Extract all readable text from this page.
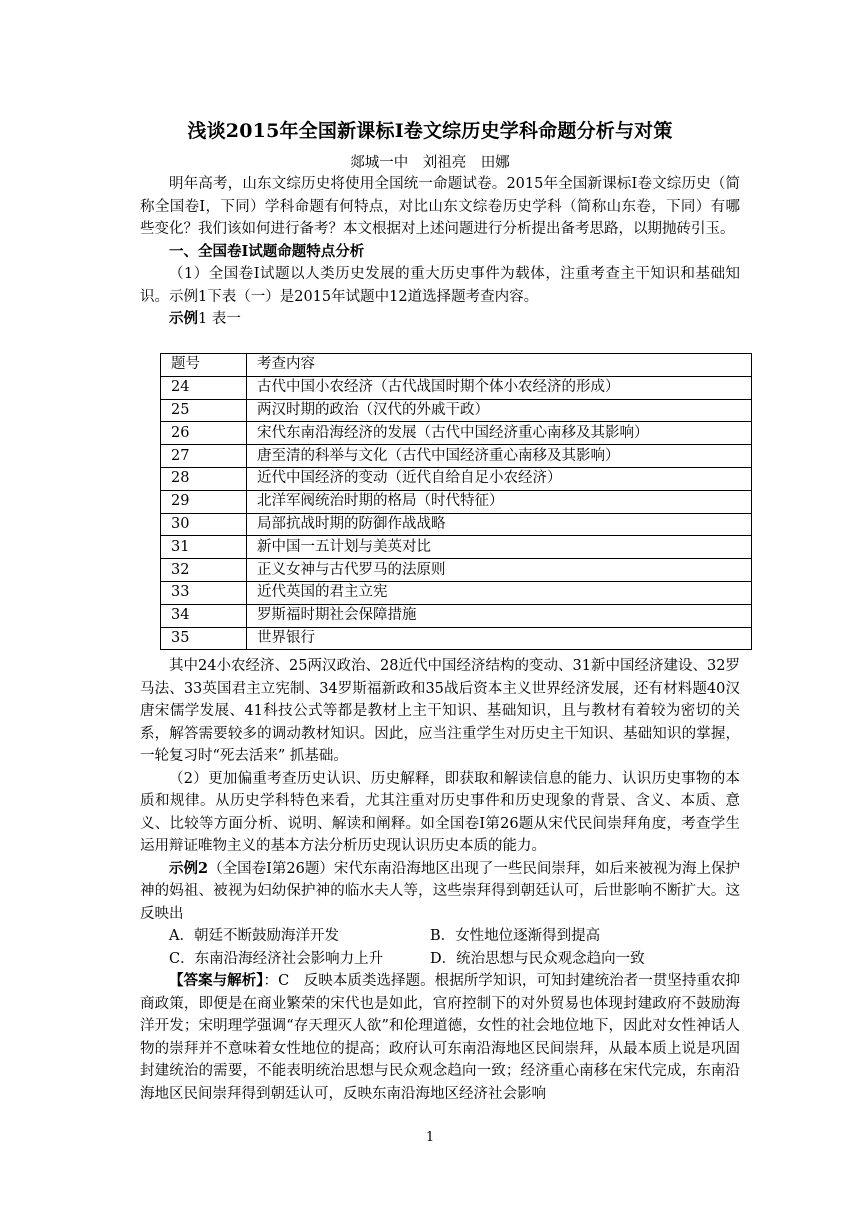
浅谈2015年全国新课标Ⅰ卷文综历史学科命题分析与对策
郯城一中　刘祖亮　田娜

明年高考，山东文综历史将使用全国统一命题试卷。2015年全国新课标Ⅰ卷文综历史（简称全国卷Ⅰ，下同）学科命题有何特点，对比山东文综卷历史学科（简称山东卷，下同）有哪些变化？我们该如何进行备考？本文根据对上述问题进行分析提出备考思路，以期抛砖引玉。

一、全国卷Ⅰ试题命题特点分析

（1）全国卷Ⅰ试题以人类历史发展的重大历史事件为载体，注重考查主干知识和基础知识。示例1下表（一）是2015年试题中12道选择题考查内容。

示例1 表一

题号	考查内容
24	古代中国小农经济（古代战国时期个体小农经济的形成）
25	两汉时期的政治（汉代的外戚干政）
26	宋代东南沿海经济的发展（古代中国经济重心南移及其影响）
27	唐至清的科举与文化（古代中国经济重心南移及其影响）
28	近代中国经济的变动（近代自给自足小农经济）
29	北洋军阀统治时期的格局（时代特征）
30	局部抗战时期的防御作战战略
31	新中国一五计划与美英对比
32	正义女神与古代罗马的法原则
33	近代英国的君主立宪
34	罗斯福时期社会保障措施
35	世界银行

其中24小农经济、25两汉政治、28近代中国经济结构的变动、31新中国经济建设、32罗马法、33英国君主立宪制、34罗斯福新政和35战后资本主义世界经济发展，还有材料题40汉唐宋儒学发展、41科技公式等都是教材上主干知识、基础知识，且与教材有着较为密切的关系，解答需要较多的调动教材知识。因此，应当注重学生对历史主干知识、基础知识的掌握，一轮复习时“死去活来” 抓基础。

（2）更加偏重考查历史认识、历史解释，即获取和解读信息的能力、认识历史事物的本质和规律。从历史学科特色来看，尤其注重对历史事件和历史现象的背景、含义、本质、意义、比较等方面分析、说明、解读和阐释。如全国卷Ⅰ第26题从宋代民间崇拜角度，考查学生运用辩证唯物主义的基本方法分析历史现认识历史本质的能力。

示例2（全国卷Ⅰ第26题）宋代东南沿海地区出现了一些民间崇拜，如后来被视为海上保护神的妈祖、被视为妇幼保护神的临水夫人等，这些崇拜得到朝廷认可，后世影响不断扩大。这反映出

A．朝廷不断鼓励海洋开发	B．女性地位逐渐得到提高

C．东南沿海经济社会影响力上升	D．统治思想与民众观念趋向一致

【答案与解析】：C　反映本质类选择题。根据所学知识，可知封建统治者一贯坚持重农抑商政策，即便是在商业繁荣的宋代也是如此，官府控制下的对外贸易也体现封建政府不鼓励海洋开发；宋明理学强调“存天理灭人欲”和伦理道德，女性的社会地位地下，因此对女性神话人物的崇拜并不意味着女性地位的提高；政府认可东南沿海地区民间崇拜，从最本质上说是巩固封建统治的需要，不能表明统治思想与民众观念趋向一致；经济重心南移在宋代完成，东南沿海地区民间崇拜得到朝廷认可，反映东南沿海地区经济社会影响

1
